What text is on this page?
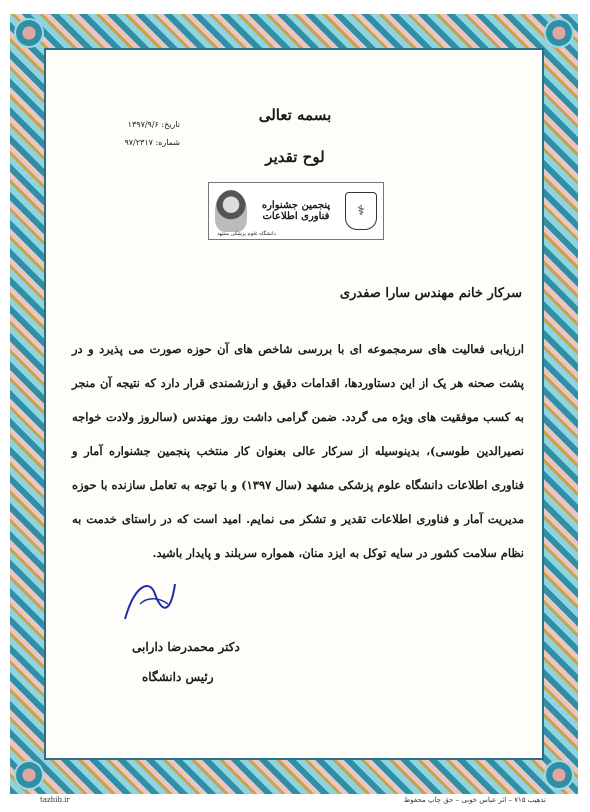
بسمه تعالی
لوح تقدیر
تاریخ: ۱۳۹۷/۹/۶
شماره: ۹۷/۲۳۱۷
⚕
پنجمین جشنواره فناوری اطلاعات
دانشگاه علوم پزشکی مشهد
سرکار خانم مهندس سارا صفدری
ارزیابی فعالیت های سرمجموعه ای با بررسی شاخص های آن حوزه صورت می پذیرد و در پشت صحنه هر یک از این دستاوردها، اقدامات دقیق و ارزشمندی قرار دارد که نتیجه آن منجر به کسب موفقیت های ویژه می گردد. ضمن گرامی داشت روز مهندس (سالروز ولادت خواجه نصیرالدین طوسی)، بدینوسیله از سرکار عالی بعنوان کار منتخب پنجمین جشنواره آمار و فناوری اطلاعات دانشگاه علوم پزشکی مشهد (سال ۱۳۹۷) و با توجه به تعامل سازنده با حوزه مدیریت آمار و فناوری اطلاعات تقدیر و تشکر می نمایم. امید است که در راستای خدمت به نظام سلامت کشور در سایه توکل به ایزد منان، همواره سربلند و پایدار باشید.
دکتر محمدرضا دارابی
رئیس دانشگاه
tazhib.ir	تذهیب ۷۱۵ – اثر عباس خوبی – حق چاپ محفوظ
